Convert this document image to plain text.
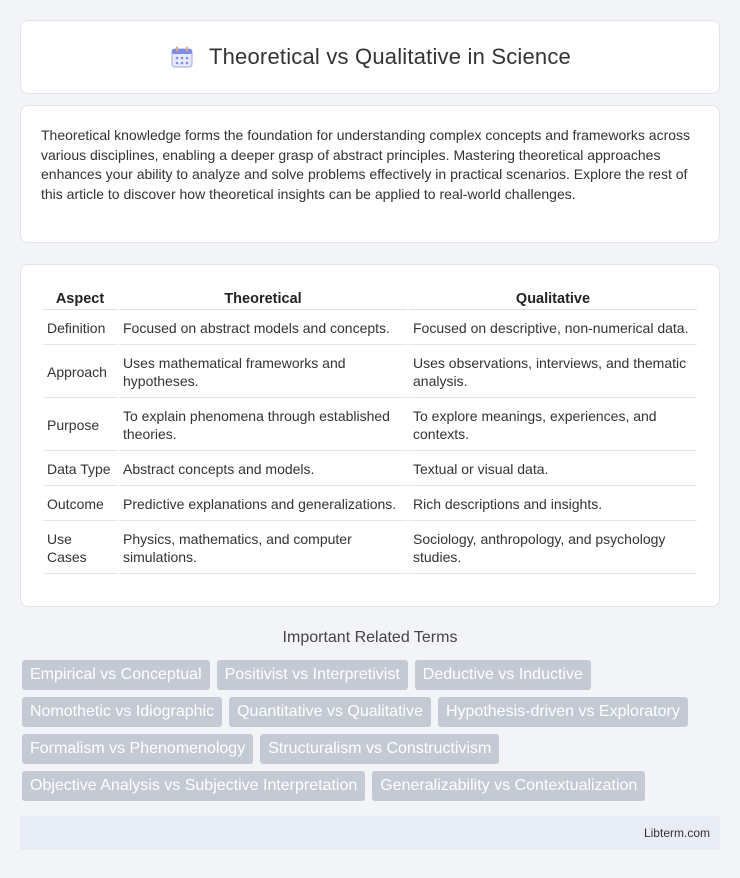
Theoretical vs Qualitative in Science

Theoretical knowledge forms the foundation for understanding complex concepts and frameworks across various disciplines, enabling a deeper grasp of abstract principles. Mastering theoretical approaches enhances your ability to analyze and solve problems effectively in practical scenarios. Explore the rest of this article to discover how theoretical insights can be applied to real-world challenges.

Aspect	Theoretical	Qualitative
Definition	Focused on abstract models and concepts.	Focused on descriptive, non-numerical data.
Approach	Uses mathematical frameworks and hypotheses.	Uses observations, interviews, and thematic analysis.
Purpose	To explain phenomena through established theories.	To explore meanings, experiences, and contexts.
Data Type	Abstract concepts and models.	Textual or visual data.
Outcome	Predictive explanations and generalizations.	Rich descriptions and insights.
Use Cases	Physics, mathematics, and computer simulations.	Sociology, anthropology, and psychology studies.
Important Related Terms
Empirical vs Conceptual	Positivist vs Interpretivist	Deductive vs Inductive
Nomothetic vs Idiographic	Quantitative vs Qualitative	Hypothesis-driven vs Exploratory
Formalism vs Phenomenology	Structuralism vs Constructivism
Objective Analysis vs Subjective Interpretation	Generalizability vs Contextualization
Libterm.com
